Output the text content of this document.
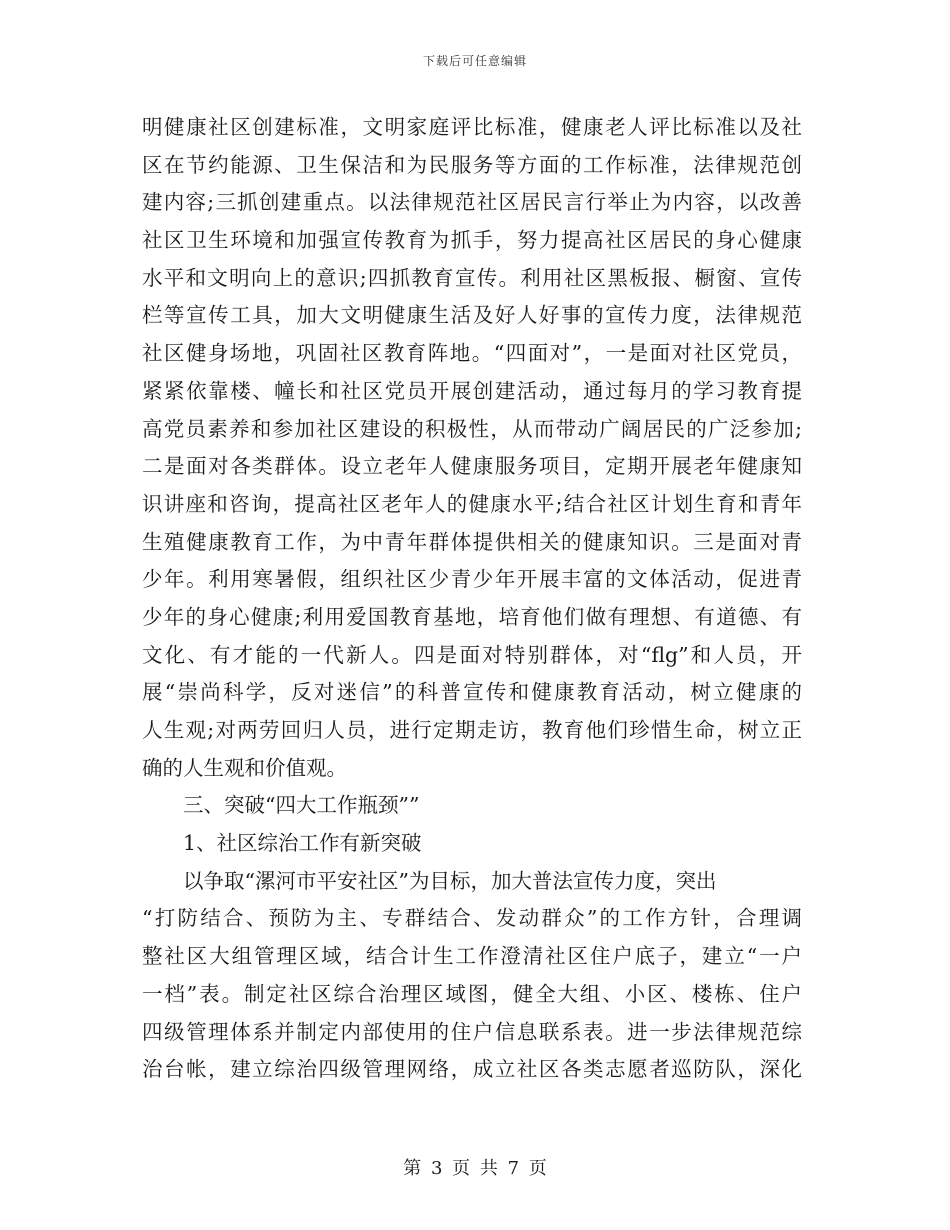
下载后可任意编辑
明健康社区创建标准，文明家庭评比标准，健康老人评比标准以及社
区在节约能源、卫生保洁和为民服务等方面的工作标准，法律规范创
建内容;三抓创建重点。以法律规范社区居民言行举止为内容，以改善
社区卫生环境和加强宣传教育为抓手，努力提高社区居民的身心健康
水平和文明向上的意识;四抓教育宣传。利用社区黑板报、橱窗、宣传
栏等宣传工具，加大文明健康生活及好人好事的宣传力度，法律规范
社区健身场地，巩固社区教育阵地。“四面对”，一是面对社区党员，
紧紧依靠楼、幢长和社区党员开展创建活动，通过每月的学习教育提
高党员素养和参加社区建设的积极性，从而带动广阔居民的广泛参加;
二是面对各类群体。设立老年人健康服务项目，定期开展老年健康知
识讲座和咨询，提高社区老年人的健康水平;结合社区计划生育和青年
生殖健康教育工作，为中青年群体提供相关的健康知识。三是面对青
少年。利用寒暑假，组织社区少青少年开展丰富的文体活动，促进青
少年的身心健康;利用爱国教育基地，培育他们做有理想、有道德、有
文化、有才能的一代新人。四是面对特别群体，对“flg”和人员，开
展“崇尚科学，反对迷信”的科普宣传和健康教育活动，树立健康的
人生观;对两劳回归人员，进行定期走访，教育他们珍惜生命，树立正
确的人生观和价值观。
三、突破“四大工作瓶颈””
1、社区综治工作有新突破
以争取“漯河市平安社区”为目标，加大普法宣传力度，突出
“打防结合、预防为主、专群结合、发动群众”的工作方针，合理调
整社区大组管理区域，结合计生工作澄清社区住户底子，建立“一户
一档”表。制定社区综合治理区域图，健全大组、小区、楼栋、住户
四级管理体系并制定内部使用的住户信息联系表。进一步法律规范综
治台帐，建立综治四级管理网络，成立社区各类志愿者巡防队，深化
第 3 页 共 7 页
